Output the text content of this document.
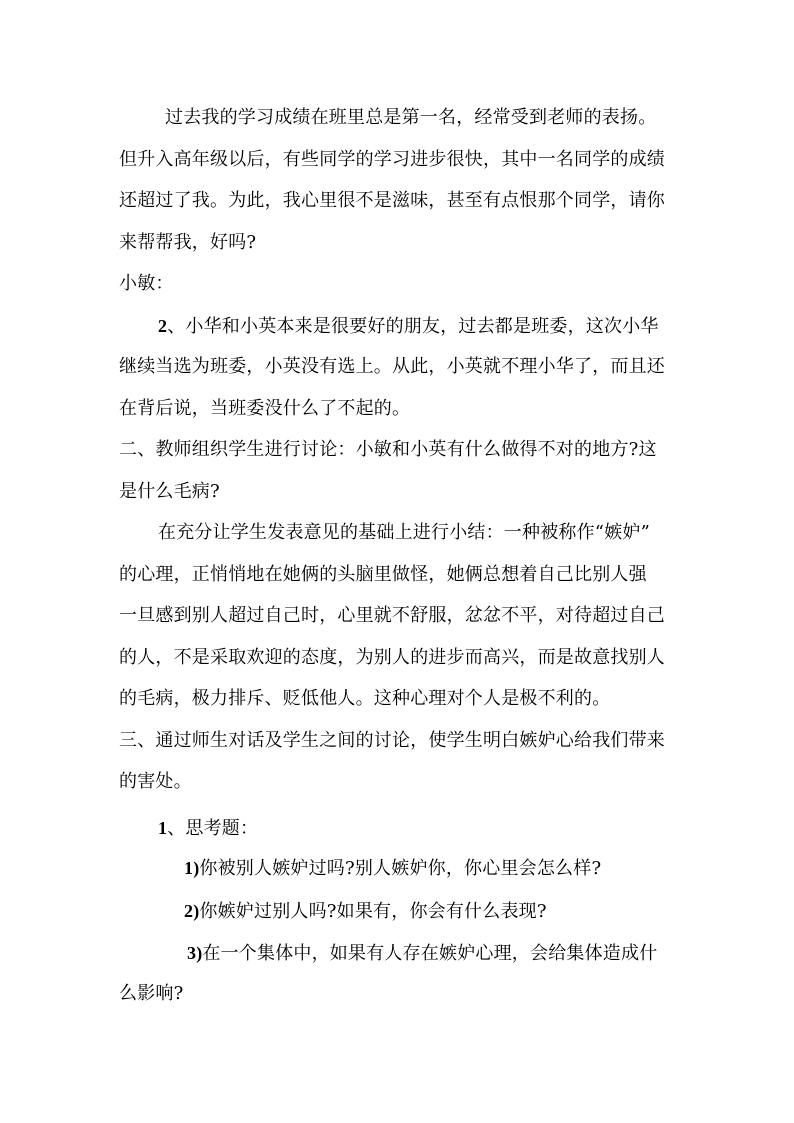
过去我的学习成绩在班里总是第一名，经常受到老师的表扬。
但升入高年级以后，有些同学的学习进步很快，其中一名同学的成绩
还超过了我。为此，我心里很不是滋味，甚至有点恨那个同学，请你
来帮帮我，好吗?
小敏：
2、小华和小英本来是很要好的朋友，过去都是班委，这次小华
继续当选为班委，小英没有选上。从此，小英就不理小华了，而且还
在背后说，当班委没什么了不起的。
二、教师组织学生进行讨论：小敏和小英有什么做得不对的地方?这
是什么毛病?
在充分让学生发表意见的基础上进行小结：一种被称作“嫉妒”
的心理，正悄悄地在她俩的头脑里做怪，她俩总想着自己比别人强
一旦感到别人超过自己时，心里就不舒服，忿忿不平，对待超过自己
的人，不是采取欢迎的态度，为别人的进步而高兴，而是故意找别人
的毛病，极力排斥、贬低他人。这种心理对个人是极不利的。
三、通过师生对话及学生之间的讨论，使学生明白嫉妒心给我们带来
的害处。
1、思考题：
1)你被别人嫉妒过吗?别人嫉妒你，你心里会怎么样?
2)你嫉妒过别人吗?如果有，你会有什么表现?
3)在一个集体中，如果有人存在嫉妒心理，会给集体造成什
么影响?
